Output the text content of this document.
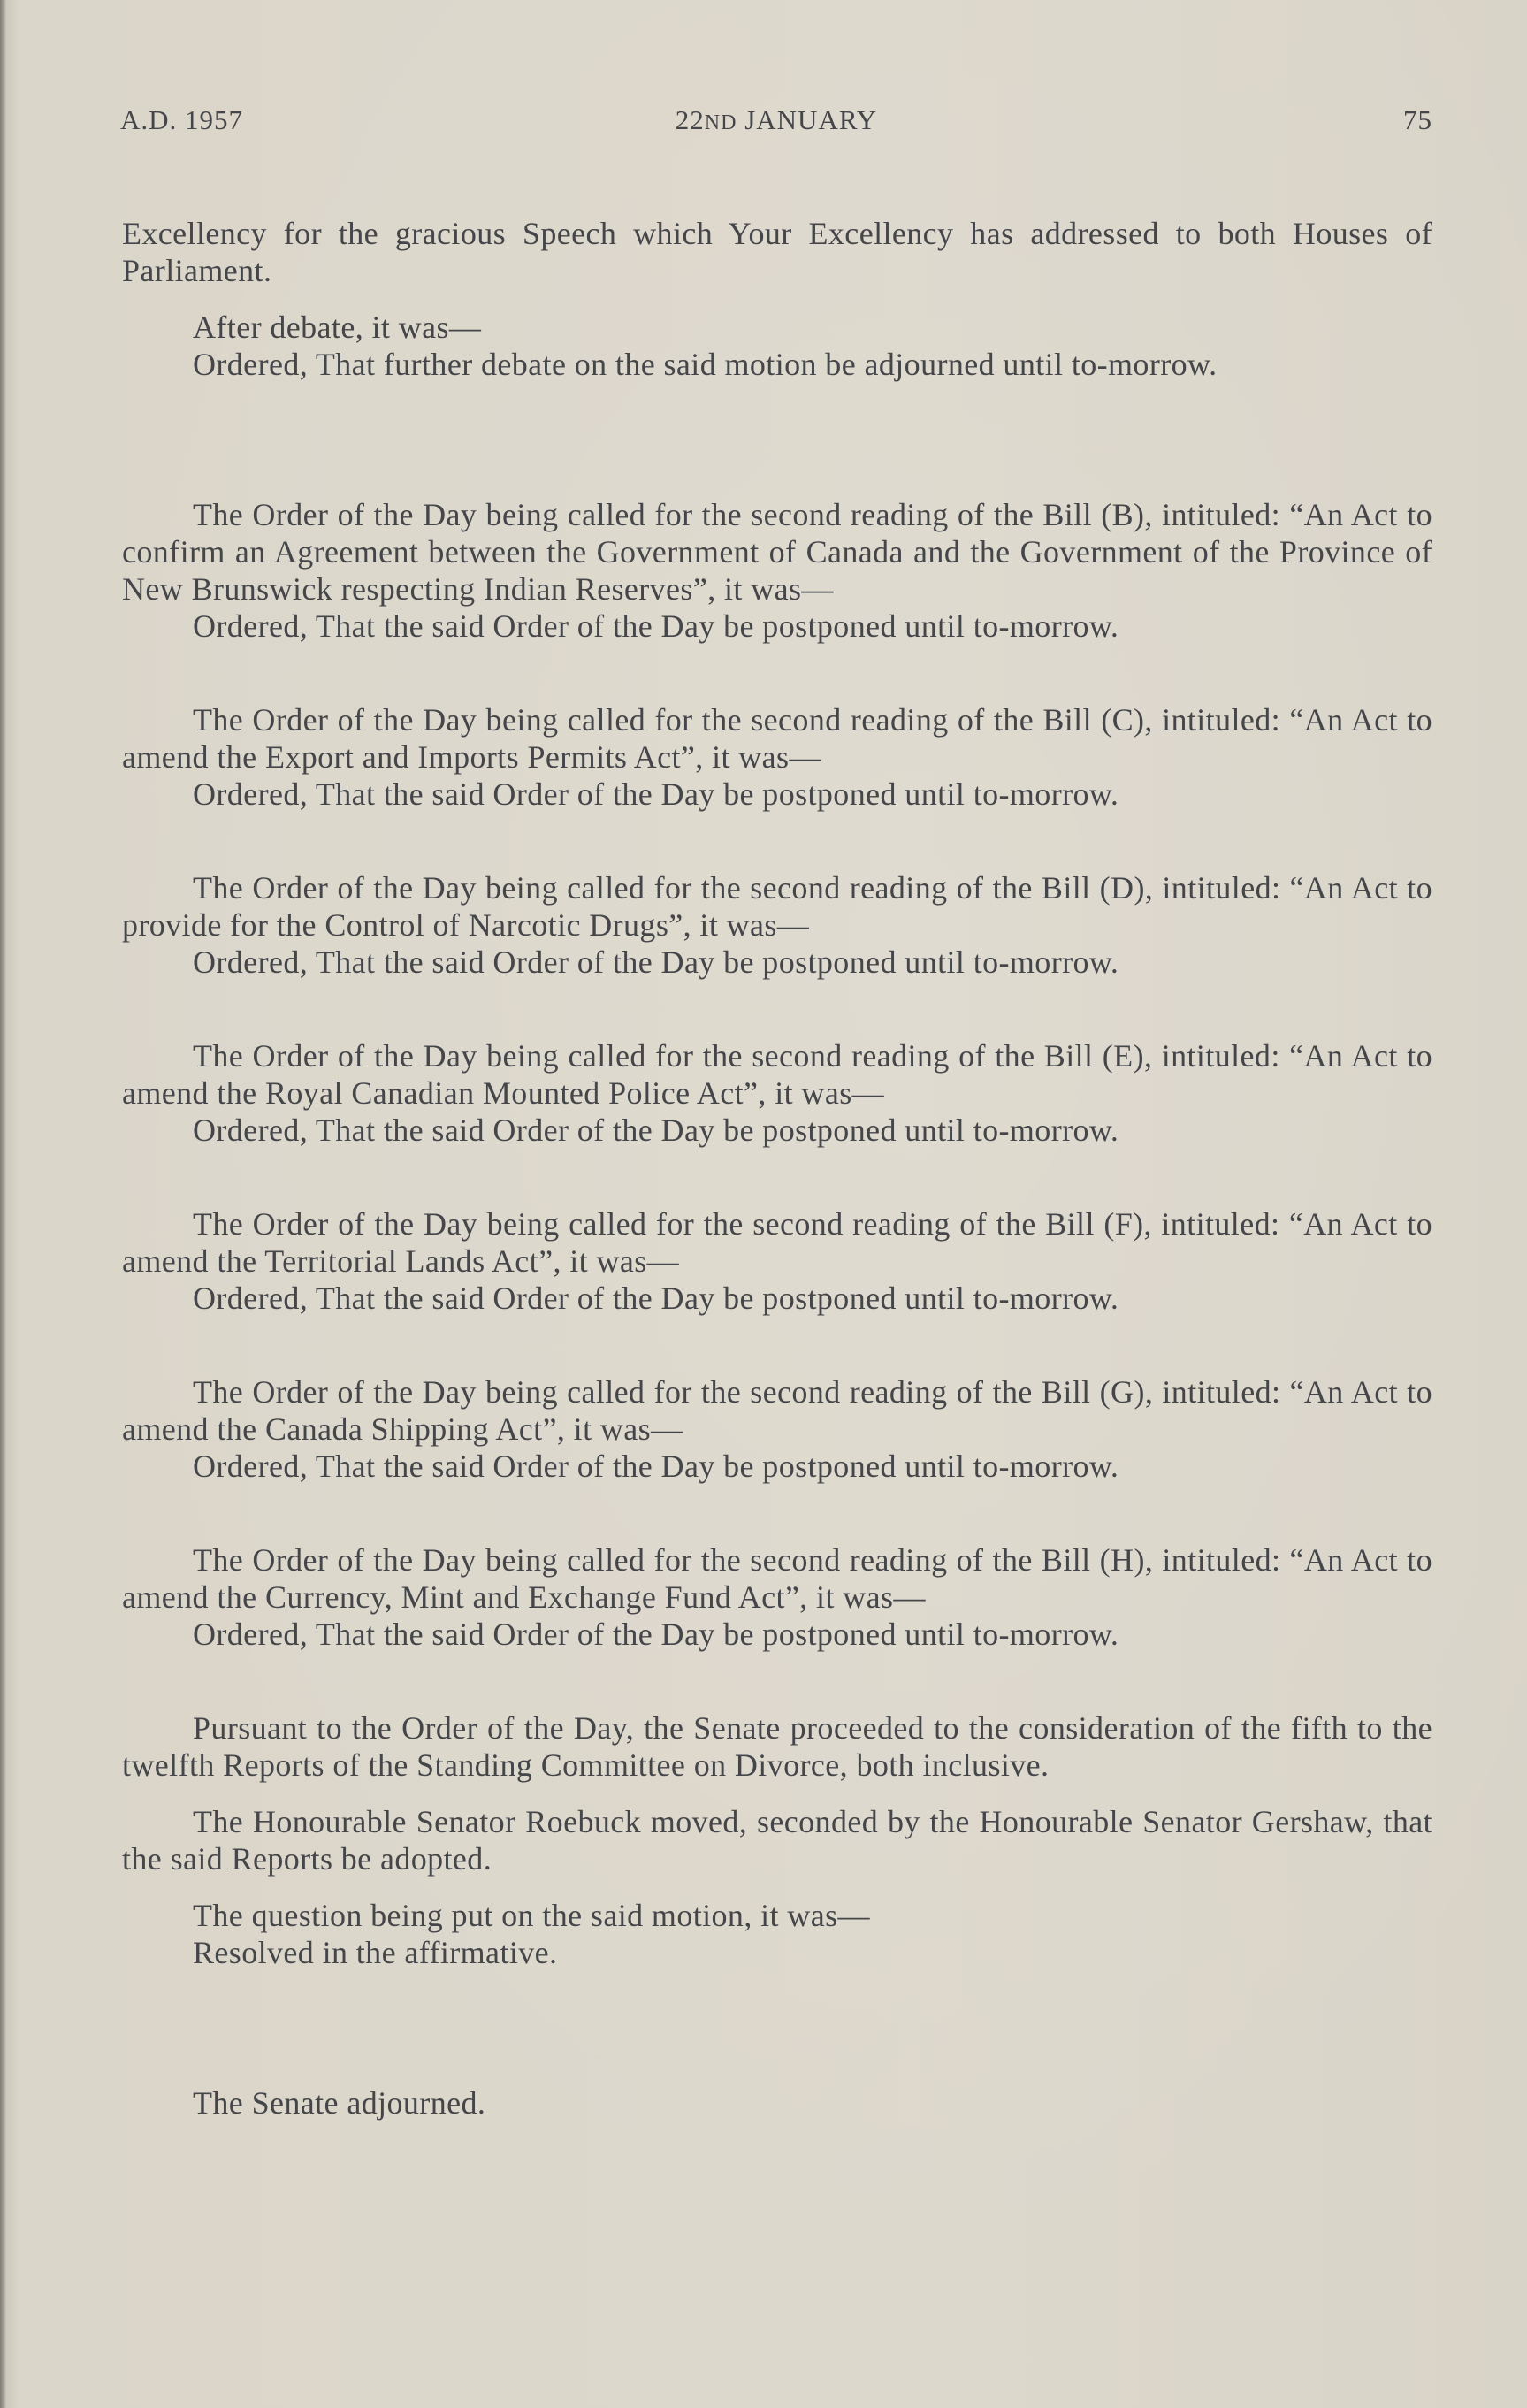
A.D. 1957	22ND JANUARY	75

Excellency for the gracious Speech which Your Excellency has addressed to both Houses of Parliament.

After debate, it was—

Ordered, That further debate on the said motion be adjourned until to-morrow.

The Order of the Day being called for the second reading of the Bill (B), intituled: “An Act to confirm an Agreement between the Government of Canada and the Government of the Province of New Brunswick respecting Indian Reserves”, it was—

Ordered, That the said Order of the Day be postponed until to-morrow.

The Order of the Day being called for the second reading of the Bill (C), intituled: “An Act to amend the Export and Imports Permits Act”, it was—

Ordered, That the said Order of the Day be postponed until to-morrow.

The Order of the Day being called for the second reading of the Bill (D), intituled: “An Act to provide for the Control of Narcotic Drugs”, it was—

Ordered, That the said Order of the Day be postponed until to-morrow.

The Order of the Day being called for the second reading of the Bill (E), intituled: “An Act to amend the Royal Canadian Mounted Police Act”, it was—

Ordered, That the said Order of the Day be postponed until to-morrow.

The Order of the Day being called for the second reading of the Bill (F), intituled: “An Act to amend the Territorial Lands Act”, it was—

Ordered, That the said Order of the Day be postponed until to-morrow.

The Order of the Day being called for the second reading of the Bill (G), intituled: “An Act to amend the Canada Shipping Act”, it was—

Ordered, That the said Order of the Day be postponed until to-morrow.

The Order of the Day being called for the second reading of the Bill (H), intituled: “An Act to amend the Currency, Mint and Exchange Fund Act”, it was—

Ordered, That the said Order of the Day be postponed until to-morrow.

Pursuant to the Order of the Day, the Senate proceeded to the consideration of the fifth to the twelfth Reports of the Standing Committee on Divorce, both inclusive.

The Honourable Senator Roebuck moved, seconded by the Honourable Senator Gershaw, that the said Reports be adopted.

The question being put on the said motion, it was—

Resolved in the affirmative.

The Senate adjourned.
